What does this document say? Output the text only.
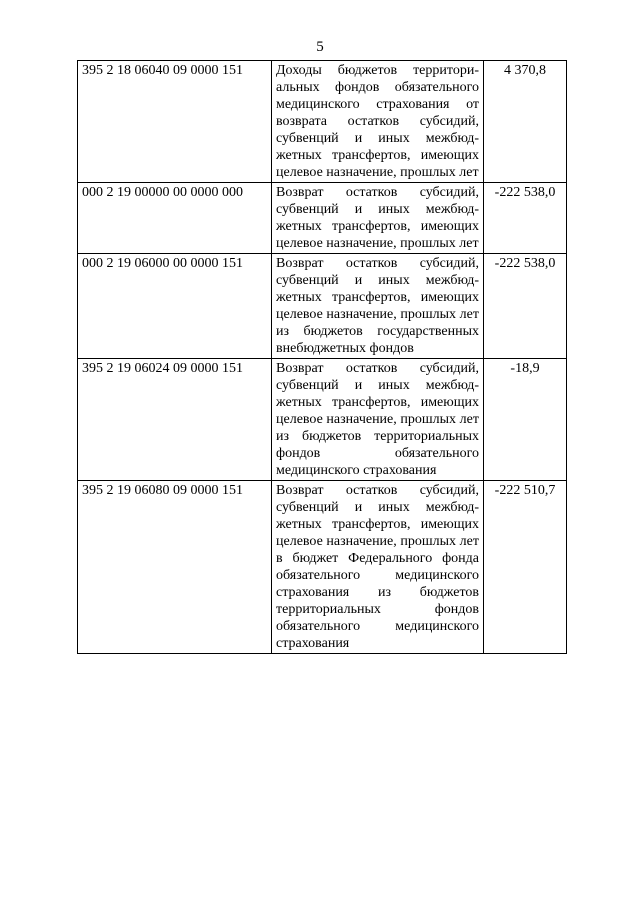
5
395 2 18 06040 09 0000 151	Доходы бюджетов территориальных фондов обязательного медицинского страхования от возврата остатков субсидий, субвенций и иных межбюджетных трансфертов, имеющих целевое назначение, прошлых лет	4 370,8
000 2 19 00000 00 0000 000	Возврат остатков субсидий, субвенций и иных межбюджетных трансфертов, имеющих целевое назначение, прошлых лет	-222 538,0
000 2 19 06000 00 0000 151	Возврат остатков субсидий, субвенций и иных межбюджетных трансфертов, имеющих целевое назначение, прошлых лет из бюджетов государственных внебюджетных фондов	-222 538,0
395 2 19 06024 09 0000 151	Возврат остатков субсидий, субвенций и иных межбюджетных трансфертов, имеющих целевое назначение, прошлых лет из бюджетов территориальных фондов обязательного медицинского страхования	-18,9
395 2 19 06080 09 0000 151	Возврат остатков субсидий, субвенций и иных межбюджетных трансфертов, имеющих целевое назначение, прошлых лет в бюджет Федерального фонда обязательного медицинского страхования из бюджетов территориальных фондов обязательного медицинского страхования	-222 510,7
